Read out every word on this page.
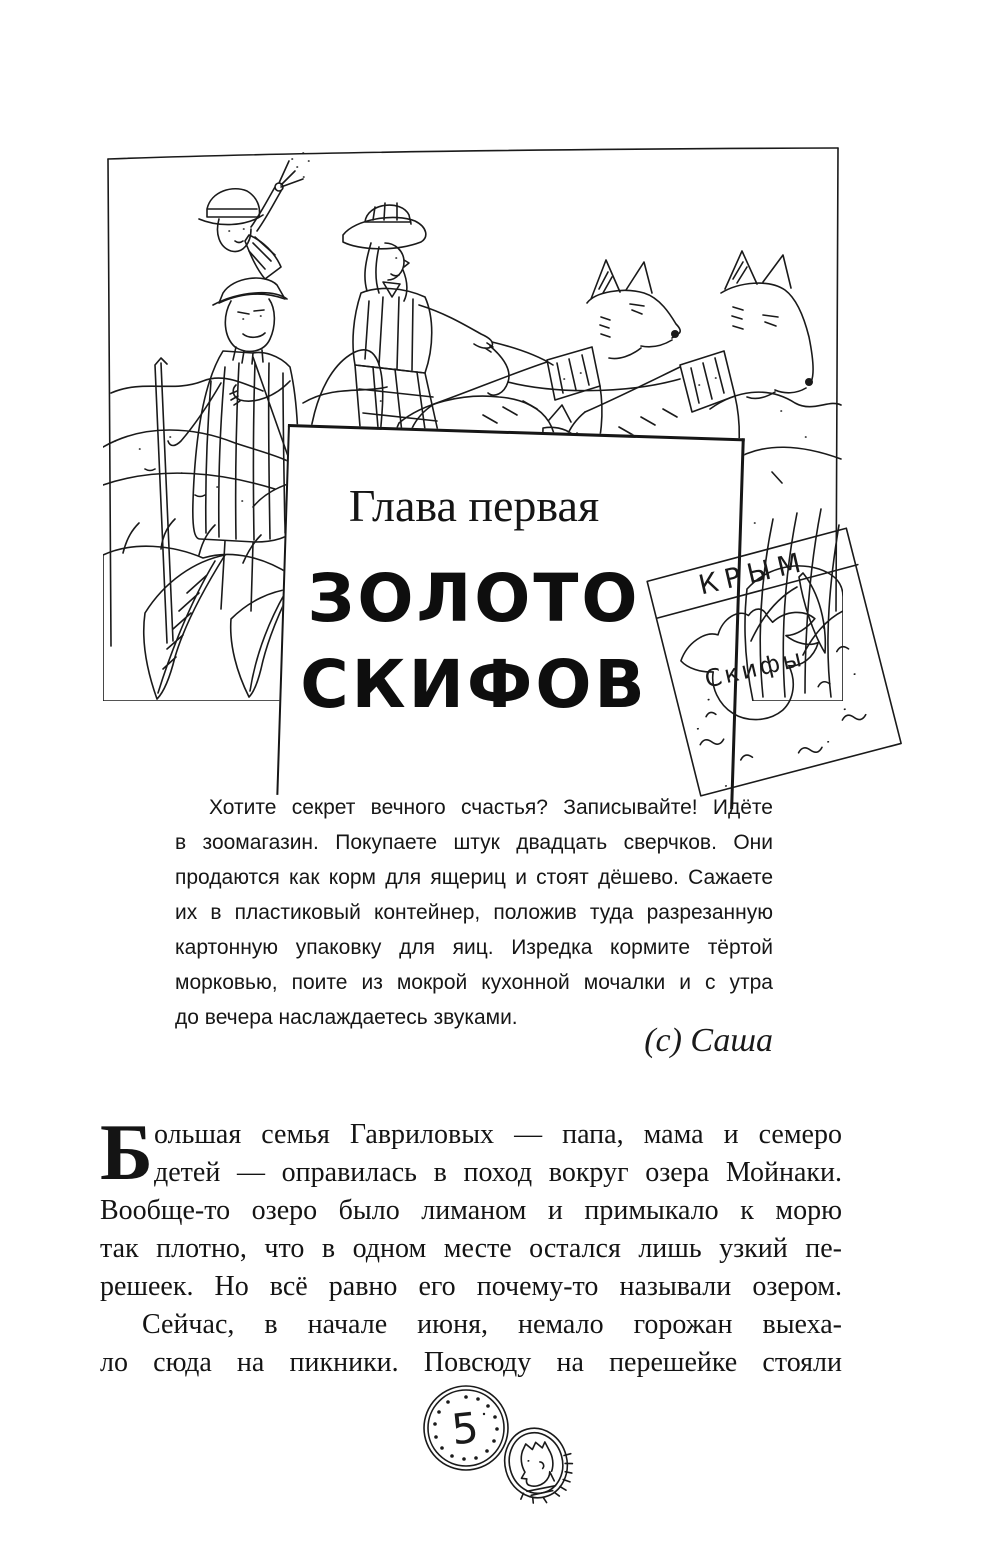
Глава первая
ЗОЛОТО
СКИФОВ
КРЫМ
Скифы
Хотите секрет вечного счастья? Записывайте! Идёте
в зоомагазин. Покупаете штук двадцать сверчков. Они
продаются как корм для ящериц и стоят дёшево. Сажаете
их в пластиковый контейнер, положив туда разрезанную
картонную упаковку для яиц. Изредка кормите тёртой
морковью, поите из мокрой кухонной мочалки и с утра
до вечера наслаждаетесь звуками.
(с) Саша
Б ольшая семья Гавриловых — папа, мама и семеро
детей — оправилась в поход вокруг озера Мойнаки.
Вообще-то озеро было лиманом и примыкало к морю
так плотно, что в одном месте остался лишь узкий пе-
решеек. Но всё равно его почему-то называли озером.
Сейчас, в начале июня, немало горожан выеха-
ло сюда на пикники. Повсюду на перешейке стояли
5
